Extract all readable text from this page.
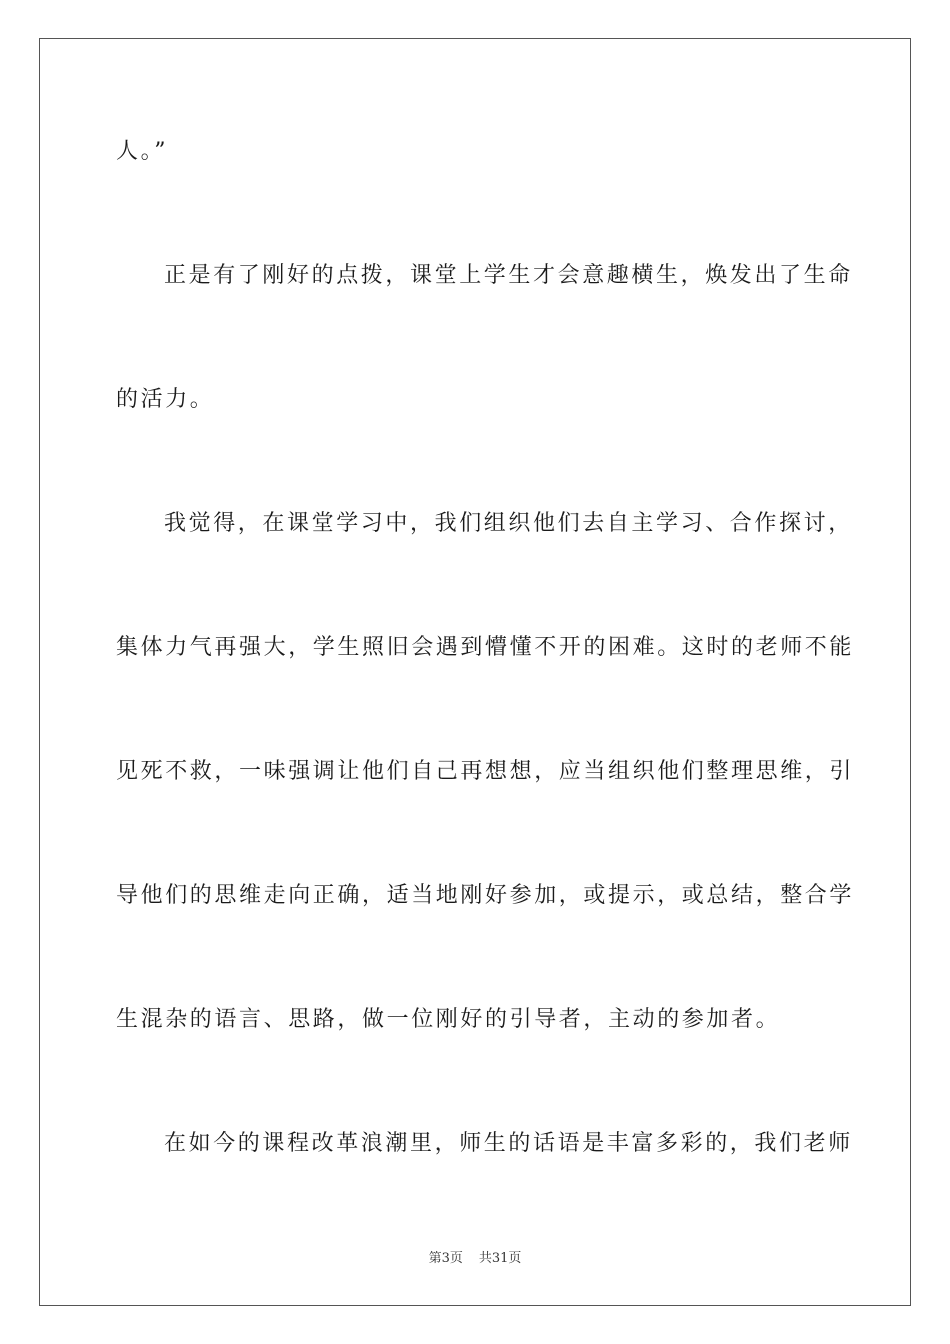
人。”
正是有了刚好的点拨，课堂上学生才会意趣横生，焕发出了生命
的活力。
我觉得，在课堂学习中，我们组织他们去自主学习、合作探讨，
集体力气再强大，学生照旧会遇到懵懂不开的困难。这时的老师不能
见死不救，一味强调让他们自己再想想，应当组织他们整理思维，引
导他们的思维走向正确，适当地刚好参加，或提示，或总结，整合学
生混杂的语言、思路，做一位刚好的引导者，主动的参加者。
在如今的课程改革浪潮里，师生的话语是丰富多彩的，我们老师
第3页 共31页
